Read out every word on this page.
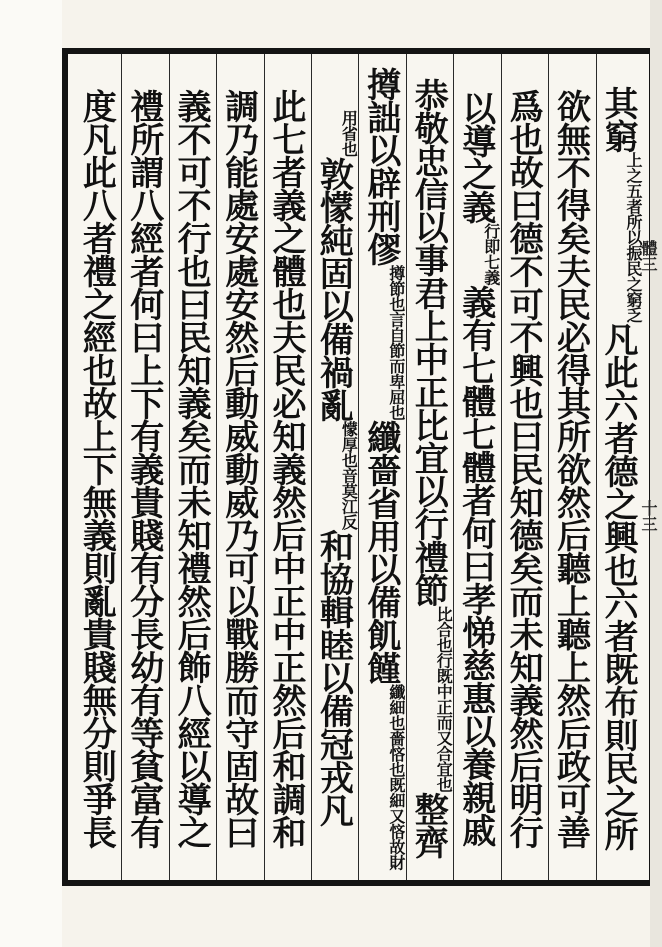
其窮
上之五者所以振民之窮乏
凡此六者德之興也六者既布則民之所
欲無不得矣夫民必得其所欲然后聽上聽上然后政可善
爲也故曰德不可不興也曰民知德矣而未知義然后明行
以導之義
行即七義
義有七體七體者何曰孝悌慈惠以養親戚
恭敬忠信以事君上中正比宜以行禮節
比合也行既中正而又合宜也
整齊
撙詘以辟刑僇
撙節也言自節而卑屈也
纖嗇省用以備飢饉
纖細也嗇悋也既細又悋故財
用省也
敦懞純固以備禍亂
懞厚也音莫江反
和協輯睦以備冠戎凡
此七者義之體也夫民必知義然后中正中正然后和調和
調乃能處安處安然后動威動威乃可以戰勝而守固故曰
義不可不行也曰民知義矣而未知禮然后飾八經以導之
禮所謂八經者何曰上下有義貴賤有分長幼有等貧富有
度凡此八者禮之經也故上下無義則亂貴賤無分則爭長	體三
十三
